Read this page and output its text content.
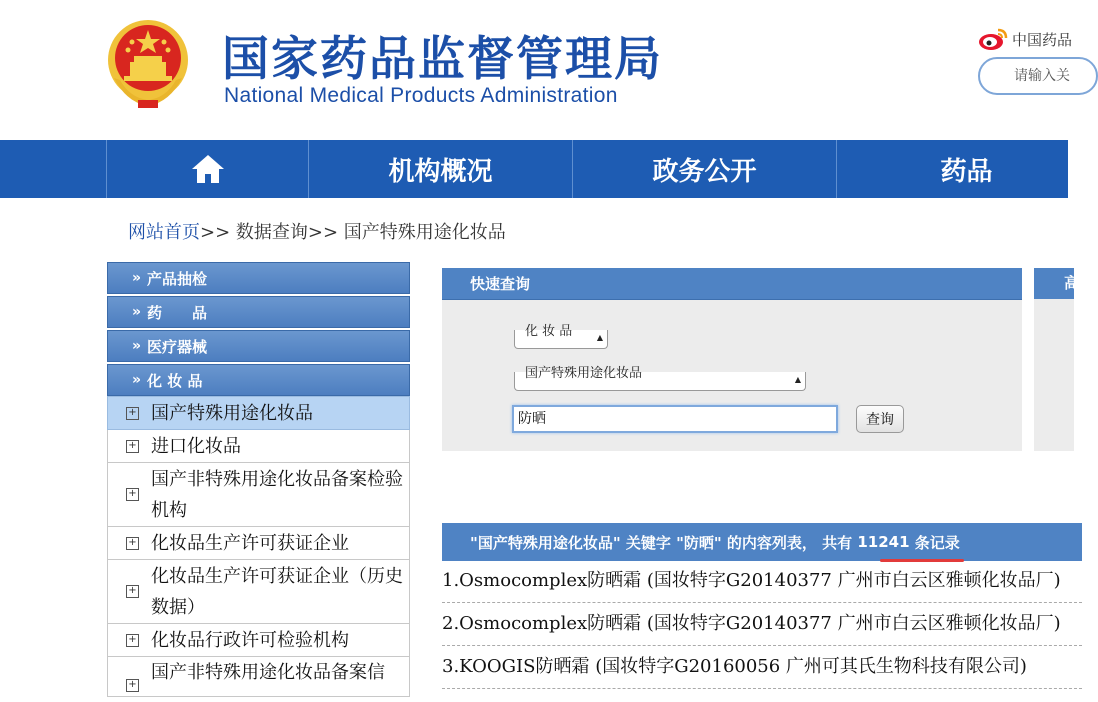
国家药品监督管理局
National Medical Products Administration
中国药品
请输入关
机构概况	政务公开	药品
网站首页>> 数据查询>> 国产特殊用途化妆品
» 产品抽检
» 药　　品
» 医疗器械
» 化 妆 品
+ 国产特殊用途化妆品
+ 进口化妆品
+
国产非特殊用途化妆品备案检验机构
+ 化妆品生产许可获证企业
+
化妆品生产许可获证企业（历史数据）
+ 化妆品行政许可检验机构
+
国产非特殊用途化妆品备案信
快速查询
化 妆 品	▲
国产特殊用途化妆品	▲
防晒	查询
高
"国产特殊用途化妆品" 关键字 "防晒" 的内容列表， 共有 11241 条记录
1.Osmocomplex防晒霜 (国妆特字G20140377 广州市白云区雅顿化妆品厂)
2.Osmocomplex防晒霜 (国妆特字G20140377 广州市白云区雅顿化妆品厂)
3.KOOGIS防晒霜 (国妆特字G20160056 广州可其氏生物科技有限公司)
